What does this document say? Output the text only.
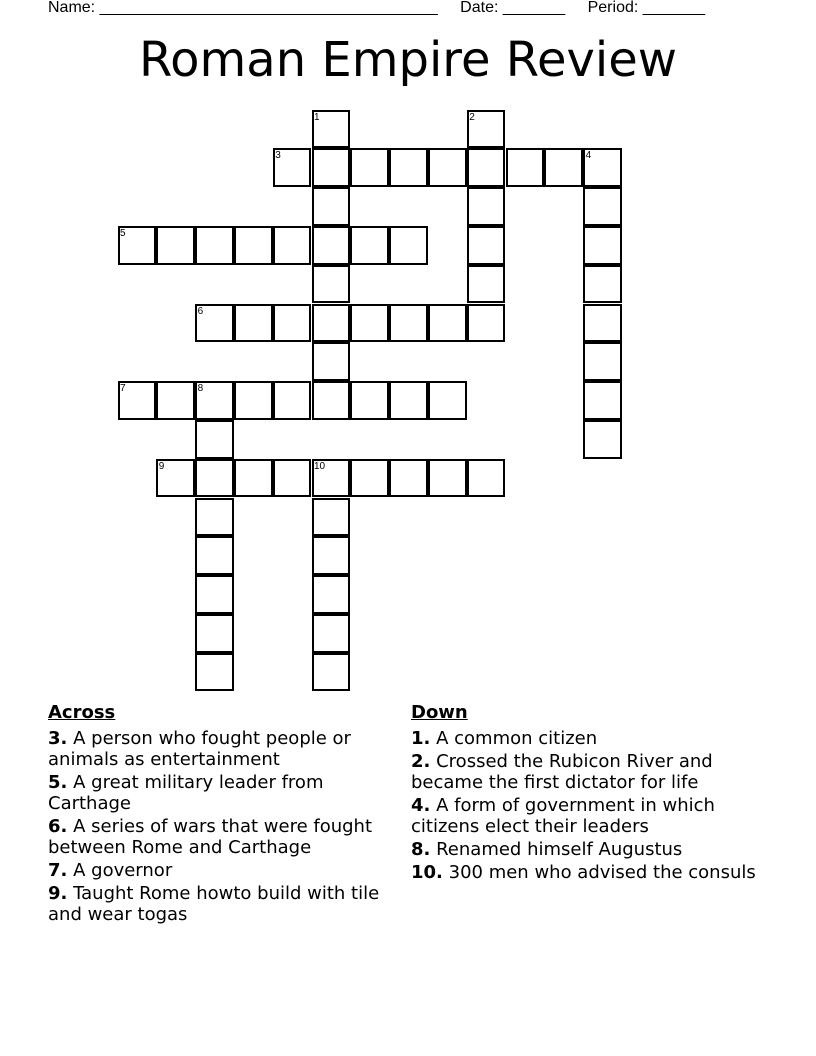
Name: ______________________________________ Date: _______ Period: _______
Roman Empire Review
1	2
3	4
5
6
7	8
9	10
Across
3. A person who fought people or animals as entertainment
5. A great military leader from Carthage
6. A series of wars that were fought between Rome and Carthage
7. A governor
9. Taught Rome howto build with tile and wear togas
Down
1. A common citizen
2. Crossed the Rubicon River and became the first dictator for life
4. A form of government in which citizens elect their leaders
8. Renamed himself Augustus
10. 300 men who advised the consuls
